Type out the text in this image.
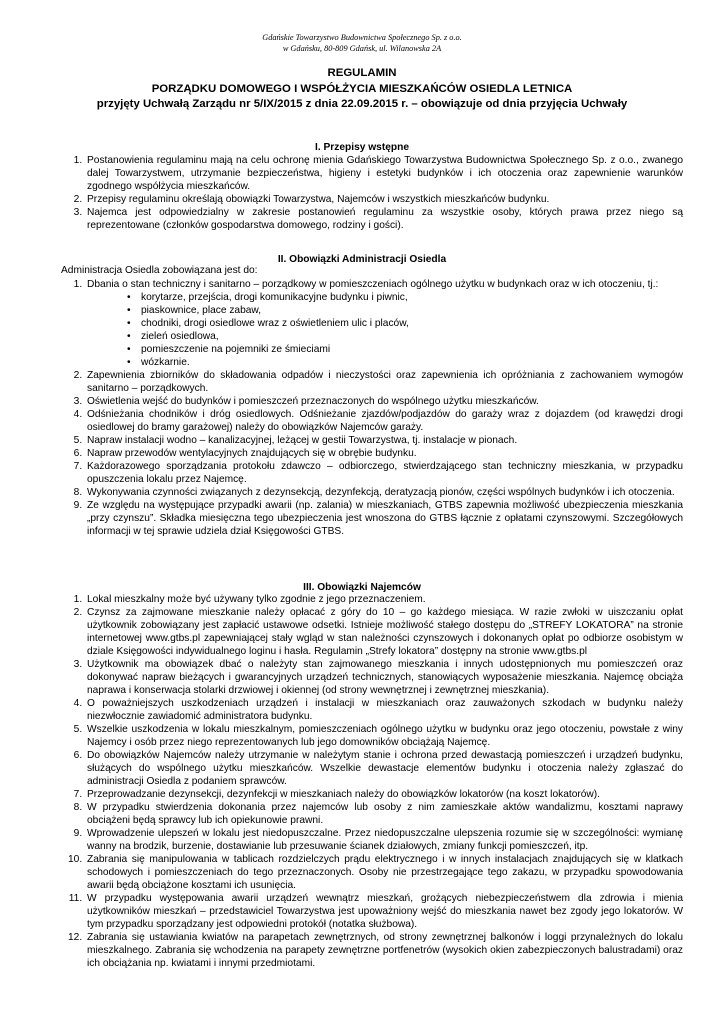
Gdańskie Towarzystwo Budownictwa Społecznego Sp. z o.o.
w Gdańsku, 80-809 Gdańsk, ul. Wilanowska 2A
REGULAMIN
PORZĄDKU DOMOWEGO I WSPÓŁŻYCIA MIESZKAŃCÓW OSIEDLA LETNICA
przyjęty Uchwałą Zarządu nr 5/IX/2015 z dnia 22.09.2015 r. – obowiązuje od dnia przyjęcia Uchwały
I. Przepisy wstępne
1. Postanowienia regulaminu mają na celu ochronę mienia Gdańskiego Towarzystwa Budownictwa Społecznego Sp. z o.o., zwanego dalej Towarzystwem, utrzymanie bezpieczeństwa, higieny i estetyki budynków i ich otoczenia oraz zapewnienie warunków zgodnego współżycia mieszkańców.
2. Przepisy regulaminu określają obowiązki Towarzystwa, Najemców i wszystkich mieszkańców budynku.
3. Najemca jest odpowiedzialny w zakresie postanowień regulaminu za wszystkie osoby, których prawa przez niego są reprezentowane (członków gospodarstwa domowego, rodziny i gości).
II. Obowiązki Administracji Osiedla
Administracja Osiedla zobowiązana jest do:
1. Dbania o stan techniczny i sanitarno – porządkowy w pomieszczeniach ogólnego użytku w budynkach oraz w ich otoczeniu, tj.:
• korytarze, przejścia, drogi komunikacyjne budynku i piwnic,
• piaskownice, place zabaw,
• chodniki, drogi osiedlowe wraz z oświetleniem ulic i placów,
• zieleń osiedlowa,
• pomieszczenie na pojemniki ze śmieciami
• wózkarnie.
2. Zapewnienia zbiorników do składowania odpadów i nieczystości oraz zapewnienia ich opróżniania z zachowaniem wymogów sanitarno – porządkowych.
3. Oświetlenia wejść do budynków i pomieszczeń przeznaczonych do wspólnego użytku mieszkańców.
4. Odśnieżania chodników i dróg osiedlowych. Odśnieżanie zjazdów/podjazdów do garaży wraz z dojazdem (od krawędzi drogi osiedlowej do bramy garażowej) należy do obowiązków Najemców garaży.
5. Napraw instalacji wodno – kanalizacyjnej, leżącej w gestii Towarzystwa, tj. instalacje w pionach.
6. Napraw przewodów wentylacyjnych znajdujących się w obrębie budynku.
7. Każdorazowego sporządzania protokołu zdawczo – odbiorczego, stwierdzającego stan techniczny mieszkania, w przypadku opuszczenia lokalu przez Najemcę.
8. Wykonywania czynności związanych z dezynsekcją, dezynfekcją, deratyzacją pionów, części wspólnych budynków i ich otoczenia.
9. Ze względu na występujące przypadki awarii (np. zalania) w mieszkaniach, GTBS zapewnia możliwość ubezpieczenia mieszkania „przy czynszu”. Składka miesięczna tego ubezpieczenia jest wnoszona do GTBS łącznie z opłatami czynszowymi. Szczegółowych informacji w tej sprawie udziela dział Księgowości GTBS.
III. Obowiązki Najemców
1. Lokal mieszkalny może być używany tylko zgodnie z jego przeznaczeniem.
2. Czynsz za zajmowane mieszkanie należy opłacać z góry do 10 – go każdego miesiąca. W razie zwłoki w uiszczaniu opłat użytkownik zobowiązany jest zapłacić ustawowe odsetki. Istnieje możliwość stałego dostępu do „STREFY LOKATORA” na stronie internetowej www.gtbs.pl zapewniającej stały wgląd w stan należności czynszowych i dokonanych opłat po odbiorze osobistym w dziale Księgowości indywidualnego loginu i hasła. Regulamin „Strefy lokatora” dostępny na stronie www.gtbs.pl
3. Użytkownik ma obowiązek dbać o należyty stan zajmowanego mieszkania i innych udostępnionych mu pomieszczeń oraz dokonywać napraw bieżących i gwarancyjnych urządzeń technicznych, stanowiących wyposażenie mieszkania. Najemcę obciąża naprawa i konserwacja stolarki drzwiowej i okiennej (od strony wewnętrznej i zewnętrznej mieszkania).
4. O poważniejszych uszkodzeniach urządzeń i instalacji w mieszkaniach oraz zauważonych szkodach w budynku należy niezwłocznie zawiadomić administratora budynku.
5. Wszelkie uszkodzenia w lokalu mieszkalnym, pomieszczeniach ogólnego użytku w budynku oraz jego otoczeniu, powstałe z winy Najemcy i osób przez niego reprezentowanych lub jego domowników obciążają Najemcę.
6. Do obowiązków Najemców należy utrzymanie w należytym stanie i ochrona przed dewastacją pomieszczeń i urządzeń budynku, służących do wspólnego użytku mieszkańców. Wszelkie dewastacje elementów budynku i otoczenia należy zgłaszać do administracji Osiedla z podaniem sprawców.
7. Przeprowadzanie dezynsekcji, dezynfekcji w mieszkaniach należy do obowiązków lokatorów (na koszt lokatorów).
8. W przypadku stwierdzenia dokonania przez najemców lub osoby z nim zamieszkałe aktów wandalizmu, kosztami naprawy obciążeni będą sprawcy lub ich opiekunowie prawni.
9. Wprowadzenie ulepszeń w lokalu jest niedopuszczalne. Przez niedopuszczalne ulepszenia rozumie się w szczególności: wymianę wanny na brodzik, burzenie, dostawianie lub przesuwanie ścianek działowych, zmiany funkcji pomieszczeń, itp.
10. Zabrania się manipulowania w tablicach rozdzielczych prądu elektrycznego i w innych instalacjach znajdujących się w klatkach schodowych i pomieszczeniach do tego przeznaczonych. Osoby nie przestrzegające tego zakazu, w przypadku spowodowania awarii będą obciążone kosztami ich usunięcia.
11. W przypadku występowania awarii urządzeń wewnątrz mieszkań, grożących niebezpieczeństwem dla zdrowia i mienia użytkowników mieszkań – przedstawiciel Towarzystwa jest upoważniony wejść do mieszkania nawet bez zgody jego lokatorów. W tym przypadku sporządzany jest odpowiedni protokół (notatka służbowa).
12. Zabrania się ustawiania kwiatów na parapetach zewnętrznych, od strony zewnętrznej balkonów i loggi przynależnych do lokalu mieszkalnego. Zabrania się wchodzenia na parapety zewnętrzne portfenetrów (wysokich okien zabezpieczonych balustradami) oraz ich obciążania np. kwiatami i innymi przedmiotami.
